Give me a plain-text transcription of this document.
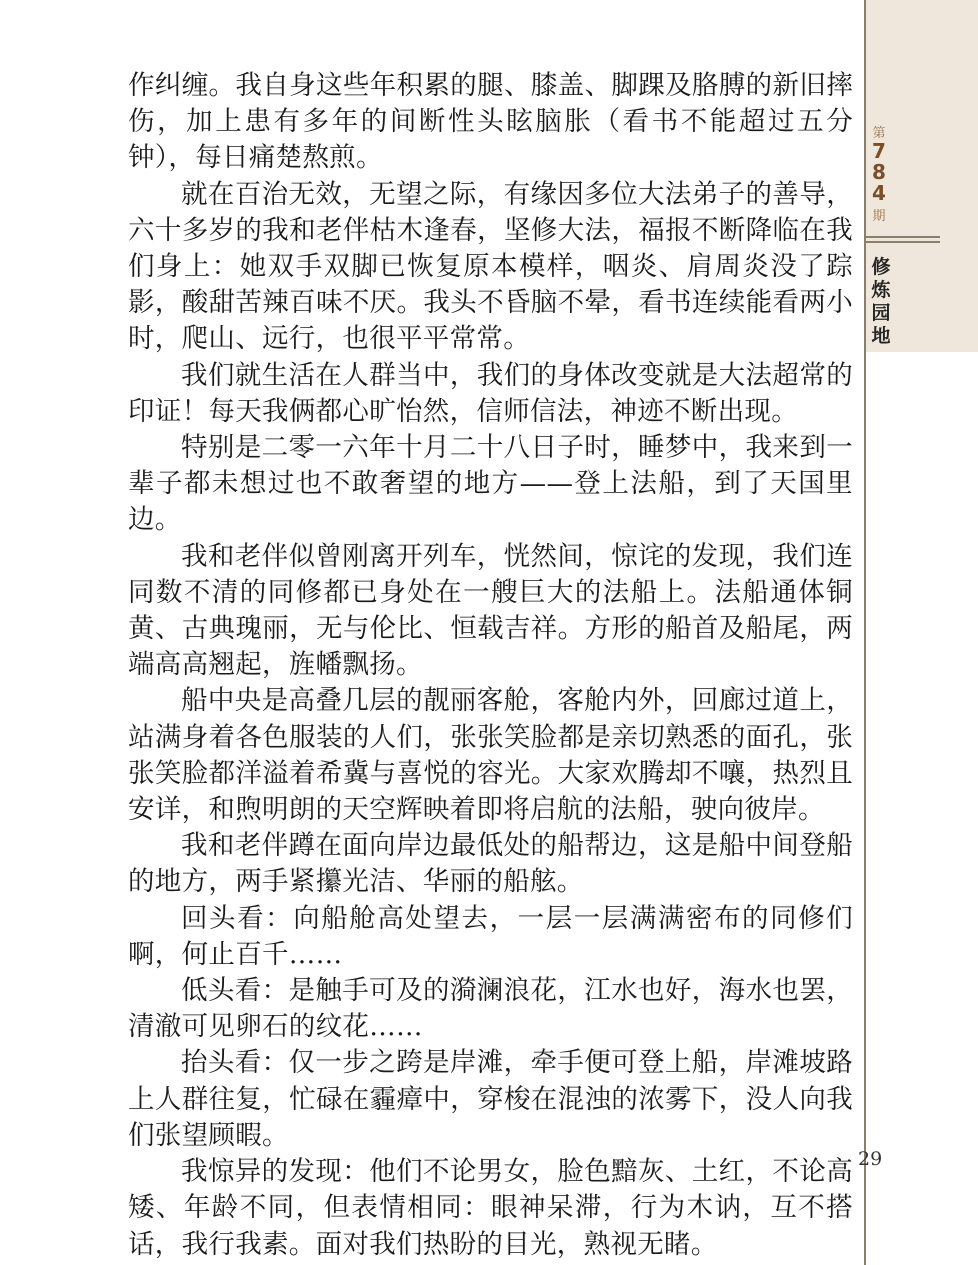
第
784
期
修炼园地

作纠缠。我自身这些年积累的腿、膝盖、脚踝及胳膊的新旧摔伤，加上患有多年的间断性头眩脑胀（看书不能超过五分钟），每日痛楚熬煎。

就在百治无效，无望之际，有缘因多位大法弟子的善导，六十多岁的我和老伴枯木逢春，坚修大法，福报不断降临在我们身上：她双手双脚已恢复原本模样，咽炎、肩周炎没了踪影，酸甜苦辣百味不厌。我头不昏脑不晕，看书连续能看两小时，爬山、远行，也很平平常常。

我们就生活在人群当中，我们的身体改变就是大法超常的印证！每天我俩都心旷怡然，信师信法，神迹不断出现。

特别是二零一六年十月二十八日子时，睡梦中，我来到一辈子都未想过也不敢奢望的地方——登上法船，到了天国里边。

我和老伴似曾刚离开列车，恍然间，惊诧的发现，我们连同数不清的同修都已身处在一艘巨大的法船上。法船通体铜黄、古典瑰丽，无与伦比、恒载吉祥。方形的船首及船尾，两端高高翘起，旌幡飘扬。

船中央是高叠几层的靓丽客舱，客舱内外，回廊过道上，站满身着各色服装的人们，张张笑脸都是亲切熟悉的面孔，张张笑脸都洋溢着希冀与喜悦的容光。大家欢腾却不嚷，热烈且安详，和煦明朗的天空辉映着即将启航的法船，驶向彼岸。

我和老伴蹲在面向岸边最低处的船帮边，这是船中间登船的地方，两手紧攥光洁、华丽的船舷。

回头看：向船舱高处望去，一层一层满满密布的同修们啊，何止百千……

低头看：是触手可及的漪澜浪花，江水也好，海水也罢，清澈可见卵石的纹花……

抬头看：仅一步之跨是岸滩，牵手便可登上船，岸滩坡路上人群往复，忙碌在霾瘴中，穿梭在混浊的浓雾下，没人向我们张望顾暇。

我惊异的发现：他们不论男女，脸色黯灰、土红，不论高矮、年龄不同，但表情相同：眼神呆滞，行为木讷，互不搭话，我行我素。面对我们热盼的目光，熟视无睹。

29
